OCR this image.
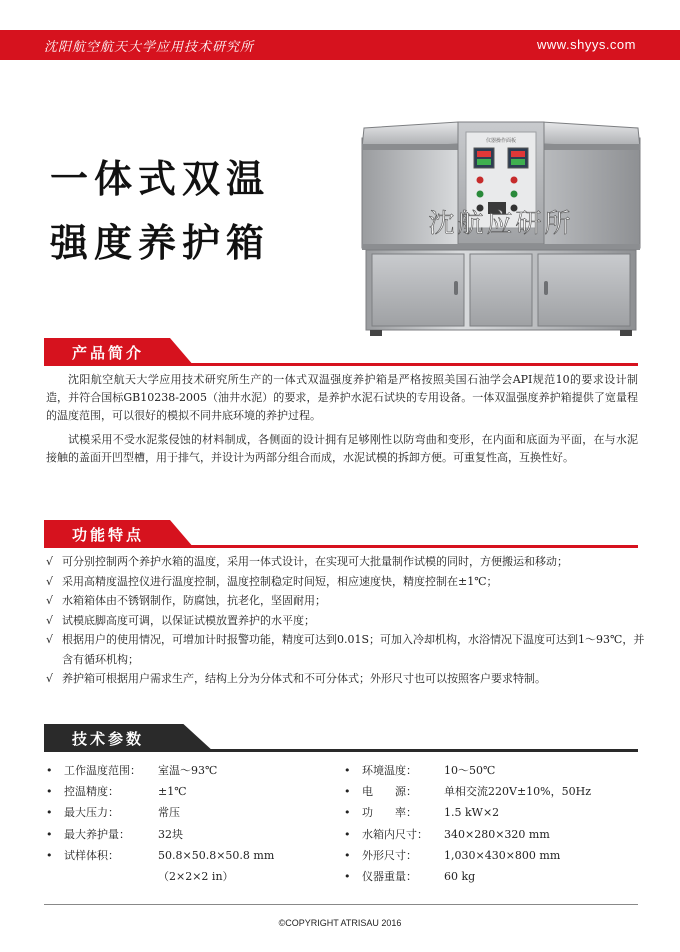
沈阳航空航天大学应用技术研究所	www.shyys.com
一体式双温
强度养护箱
仪器操作面板
沈航应研所
产品简介

沈阳航空航天大学应用技术研究所生产的一体式双温强度养护箱是严格按照美国石油学会API规范10的要求设计制造，并符合国标GB10238-2005（油井水泥）的要求，是养护水泥石试块的专用设备。一体双温强度养护箱提供了宽量程的温度范围，可以很好的模拟不同井底环境的养护过程。

试模采用不受水泥浆侵蚀的材料制成，各侧面的设计拥有足够刚性以防弯曲和变形，在内面和底面为平面，在与水泥接触的盖面开凹型槽，用于排气，并设计为两部分组合而成，水泥试模的拆卸方便。可重复性高，互换性好。

功能特点
√ 可分别控制两个养护水箱的温度，采用一体式设计，在实现可大批量制作试模的同时，方便搬运和移动；
√ 采用高精度温控仪进行温度控制，温度控制稳定时间短，相应速度快，精度控制在±1℃；
√ 水箱箱体由不锈钢制作，防腐蚀，抗老化，坚固耐用；
√ 试模底脚高度可调，以保证试模放置养护的水平度；
√ 根据用户的使用情况，可增加计时报警功能，精度可达到0.01S；可加入冷却机构，水浴情况下温度可达到1～93℃，并含有循环机构；
√ 养护箱可根据用户需求生产，结构上分为分体式和不可分体式；外形尺寸也可以按照客户要求特制。
技术参数
• 工作温度范围： 室温～93℃
• 控温精度：	±1℃
• 最大压力：	常压
• 最大养护量：	32块
• 试样体积：	50.8×50.8×50.8 mm
（2×2×2 in）
• 环境温度： 10～50℃
• 电　　源： 单相交流220V±10%，50Hz
• 功　　率： 1.5 kW×2
• 水箱内尺寸： 340×280×320 mm
• 外形尺寸： 1,030×430×800 mm
• 仪器重量： 60 kg
©COPYRIGHT ATRISAU 2016
